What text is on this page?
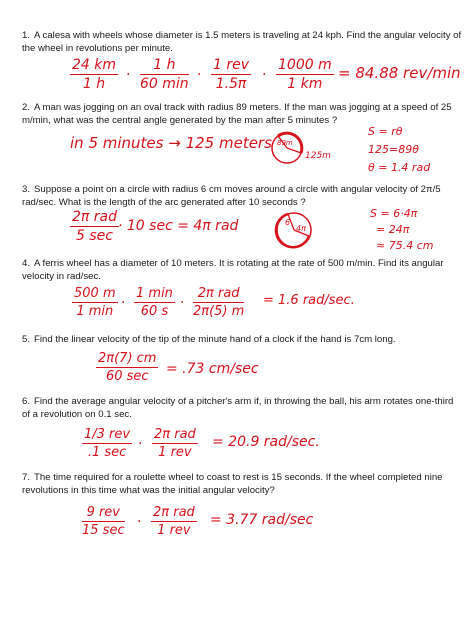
1. A calesa with wheels whose diameter is 1.5 meters is traveling at 24 kph. Find the angular velocity of the wheel in revolutions per minute.
$\frac{24 km}{1 h}$ ·
1 h
60 min
·
1 rev
1.5π
· $\frac{1000 m}{1 km} = 84.88$ rev/min
2. A man was jogging on an oval track with radius 89 meters. If the man was jogging at a speed of 25 m/min, what was the central angle generated by the man after 5 minutes ?
in 5 minutes → 125 meters 89m
125m
S = rθ
125=89θ
θ = 1.4 rad
3. Suppose a point on a circle with radius 6 cm moves around a circle with angular velocity of 2π/5 rad/sec. What is the length of the arc generated after 10 seconds ?
2π rad
5 sec
· 10 sec = 4π rad	6
4π
S = 6·4π
= 24π
≈ 75.4 cm
4. A ferris wheel has a diameter of 10 meters. It is rotating at the rate of 500 m/min. Find its angular velocity in rad/sec.
500 m
1 min
·
1 min
60 s
·
2π rad
2π(5) m
= 1.6 rad/sec.
5. Find the linear velocity of the tip of the minute hand of a clock if the hand is 7cm long.
2π(7) cm
60 sec	= .73 cm/sec
6. Find the average angular velocity of a pitcher's arm if, in throwing the ball, his arm rotates one-third of a revolution on 0.1 sec.
1/3 rev
.1 sec
·
2π rad
1 rev
= 20.9 rad/sec.
7. The time required for a roulette wheel to coast to rest is 15 seconds. If the wheel completed nine revolutions in this time what was the initial angular velocity?
9 rev
15 sec
·
2π rad
1 rev
= 3.77 rad/sec
